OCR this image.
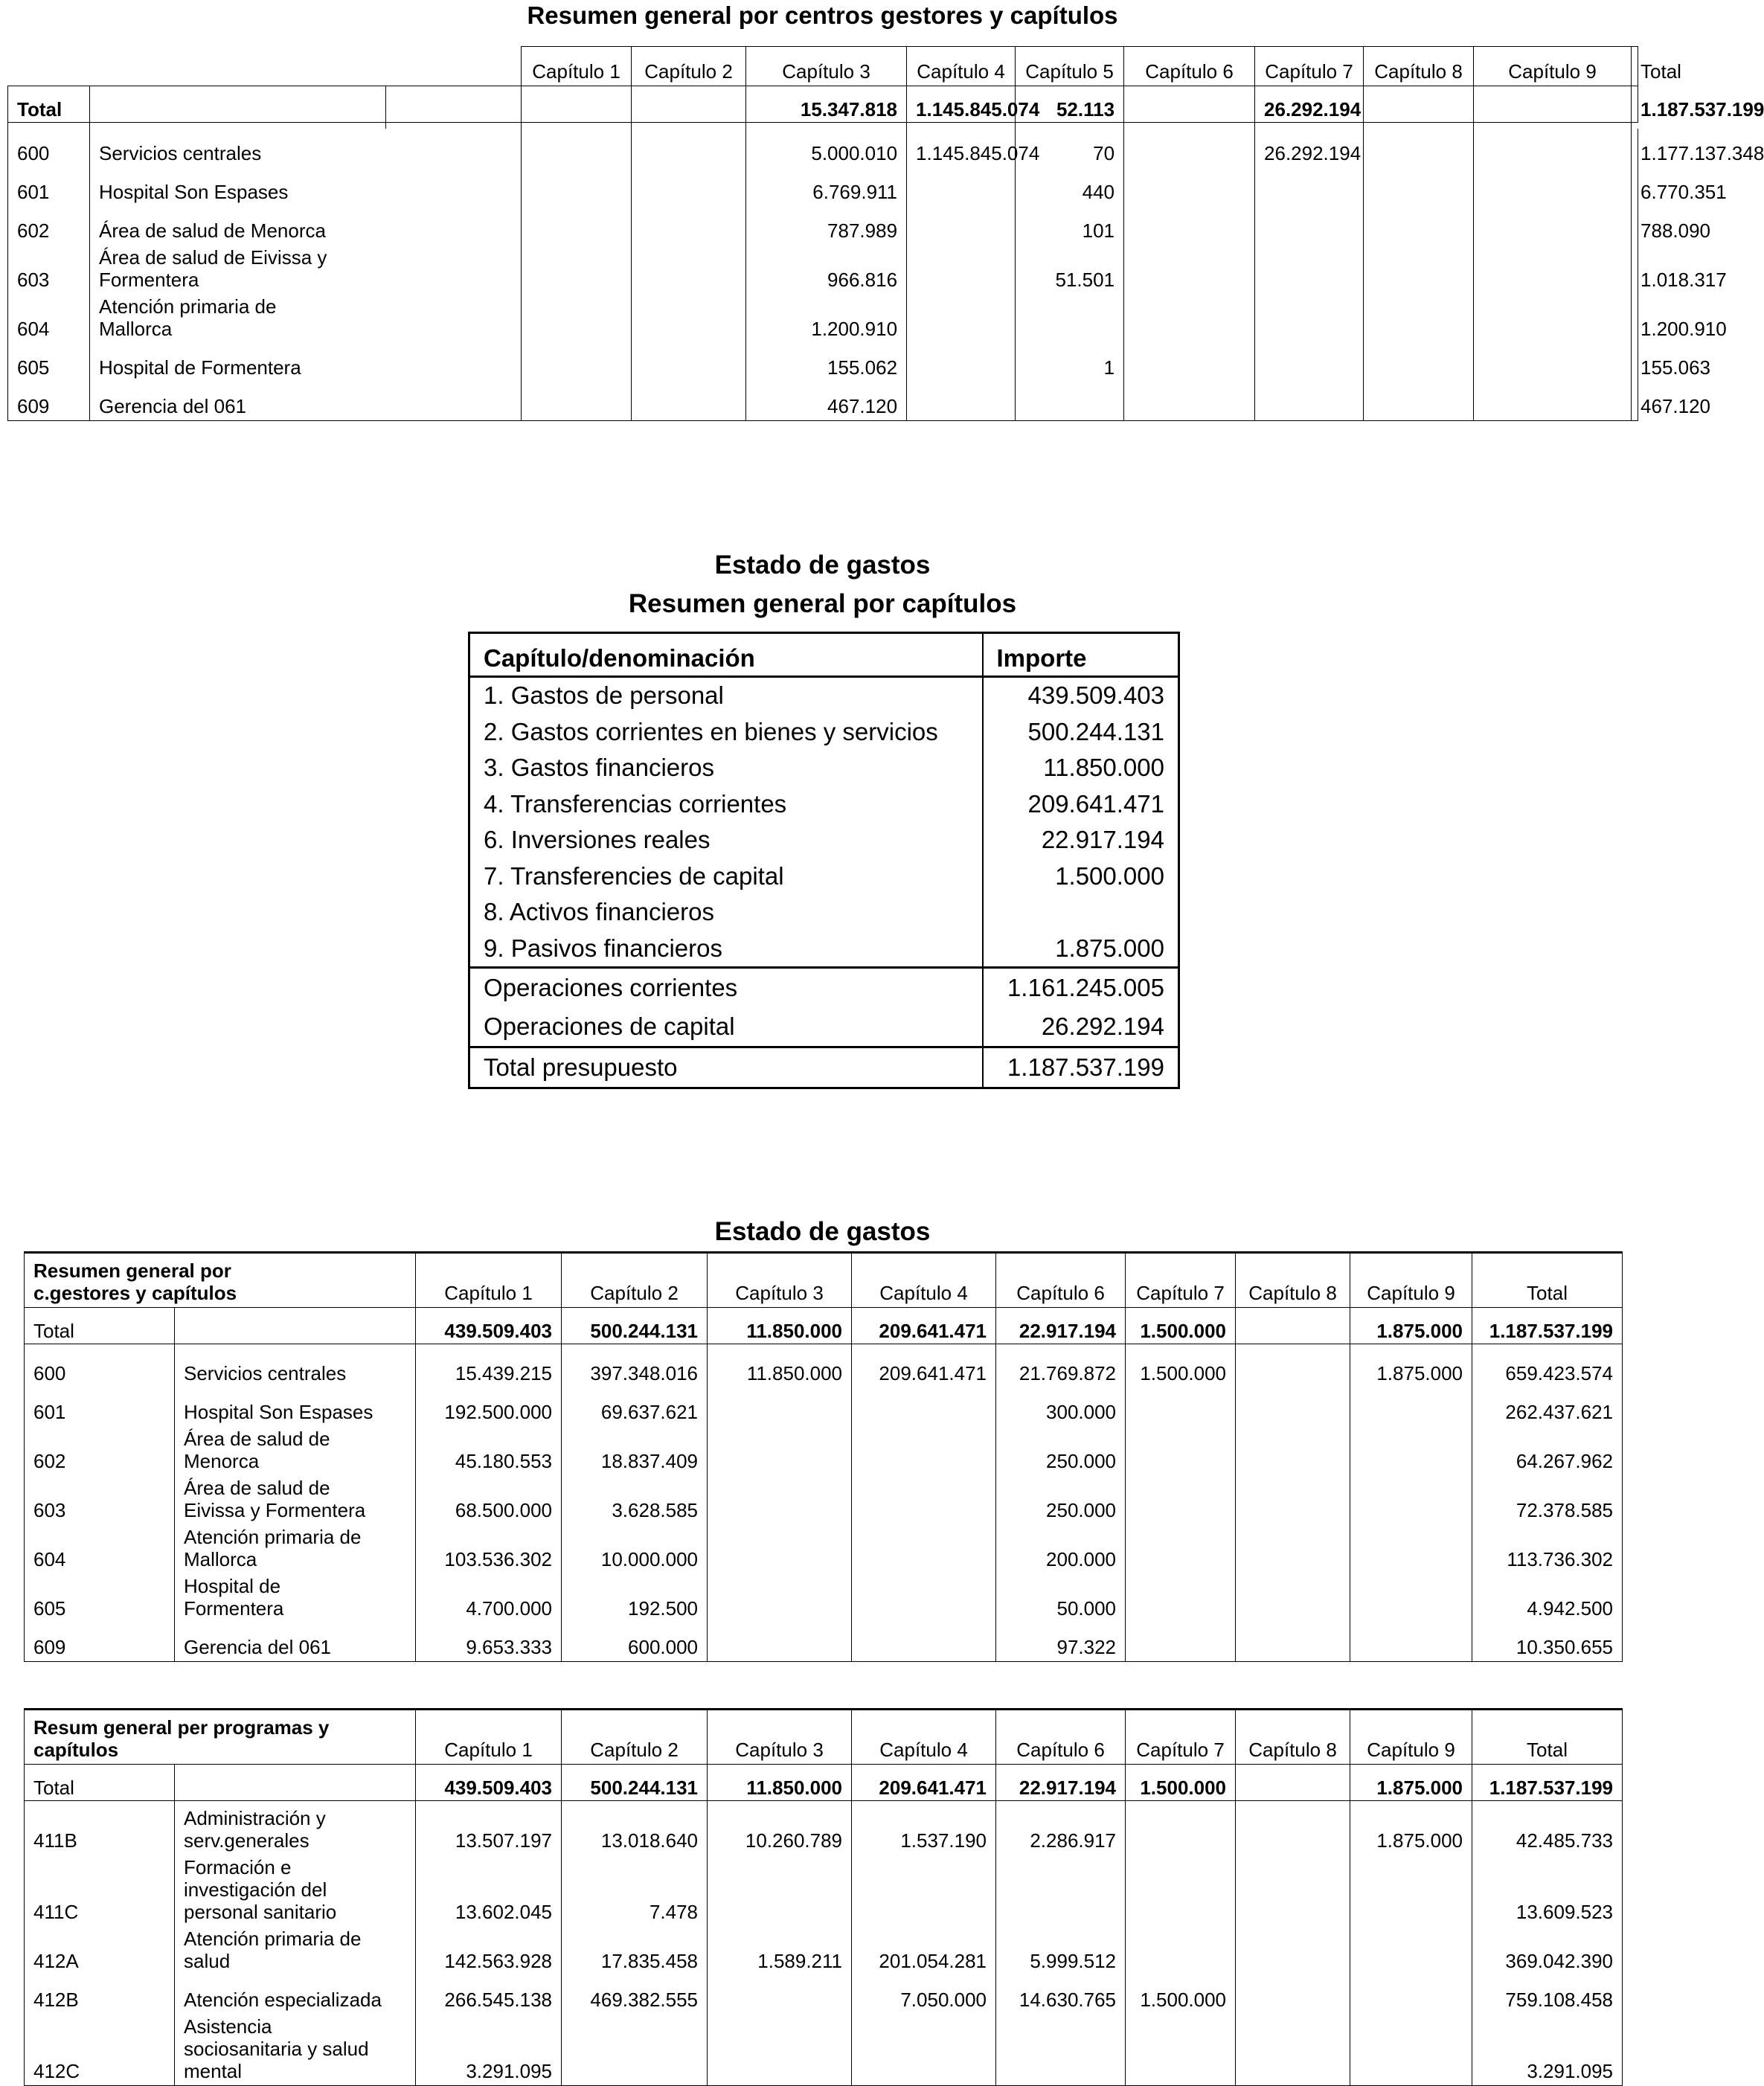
Resumen general por centros gestores y capítulos
			Capítulo 1	Capítulo 2	Capítulo 3	Capítulo 4	Capítulo 5	Capítulo 6	Capítulo 7	Capítulo 8	Capítulo 9	Total
Total					15.347.818	1.145.845.074	52.113		26.292.194			1.187.537.199

600	Servicios centrales				5.000.010	1.145.845.074	70		26.292.194			1.177.137.348
601	Hospital Son Espases				6.769.911		440					6.770.351
602	Área de salud de Menorca				787.989		101					788.090
603	Área de salud de Eivissa y
Formentera				966.816		51.501					1.018.317
604	Atención primaria de
Mallorca				1.200.910							1.200.910
605	Hospital de Formentera				155.062		1					155.063
609	Gerencia del 061				467.120							467.120
Estado de gastos
Resumen general por capítulos
Capítulo/denominación	Importe
1. Gastos de personal	439.509.403
2. Gastos corrientes en bienes y servicios	500.244.131
3. Gastos financieros	11.850.000
4. Transferencias corrientes	209.641.471
6. Inversiones reales	22.917.194
7. Transferencies de capital	1.500.000
8. Activos financieros	
9. Pasivos financieros	1.875.000
Operaciones corrientes	1.161.245.005
Operaciones de capital	26.292.194
Total presupuesto	1.187.537.199
Estado de gastos
Resumen general por
c.gestores y capítulos		Capítulo 1	Capítulo 2	Capítulo 3	Capítulo 4	Capítulo 6	Capítulo 7	Capítulo 8	Capítulo 9	Total
Total		439.509.403	500.244.131	11.850.000	209.641.471	22.917.194	1.500.000		1.875.000	1.187.537.199

600	Servicios centrales	15.439.215	397.348.016	11.850.000	209.641.471	21.769.872	1.500.000		1.875.000	659.423.574
601	Hospital Son Espases	192.500.000	69.637.621			300.000				262.437.621
602	Área de salud de
Menorca	45.180.553	18.837.409			250.000				64.267.962
603	Área de salud de
Eivissa y Formentera	68.500.000	3.628.585			250.000				72.378.585
604	Atención primaria de
Mallorca	103.536.302	10.000.000			200.000				113.736.302
605	Hospital de
Formentera	4.700.000	192.500			50.000				4.942.500
609	Gerencia del 061	9.653.333	600.000			97.322				10.350.655
Resum general per programas y
capítulos		Capítulo 1	Capítulo 2	Capítulo 3	Capítulo 4	Capítulo 6	Capítulo 7	Capítulo 8	Capítulo 9	Total
Total		439.509.403	500.244.131	11.850.000	209.641.471	22.917.194	1.500.000		1.875.000	1.187.537.199

411B	Administración y
serv.generales	13.507.197	13.018.640	10.260.789	1.537.190	2.286.917			1.875.000	42.485.733
411C	Formación e
investigación del
personal sanitario	13.602.045	7.478							13.609.523
412A	Atención primaria de
salud	142.563.928	17.835.458	1.589.211	201.054.281	5.999.512				369.042.390
412B	Atención especializada	266.545.138	469.382.555		7.050.000	14.630.765	1.500.000			759.108.458
412C	Asistencia
sociosanitaria y salud
mental	3.291.095								3.291.095
